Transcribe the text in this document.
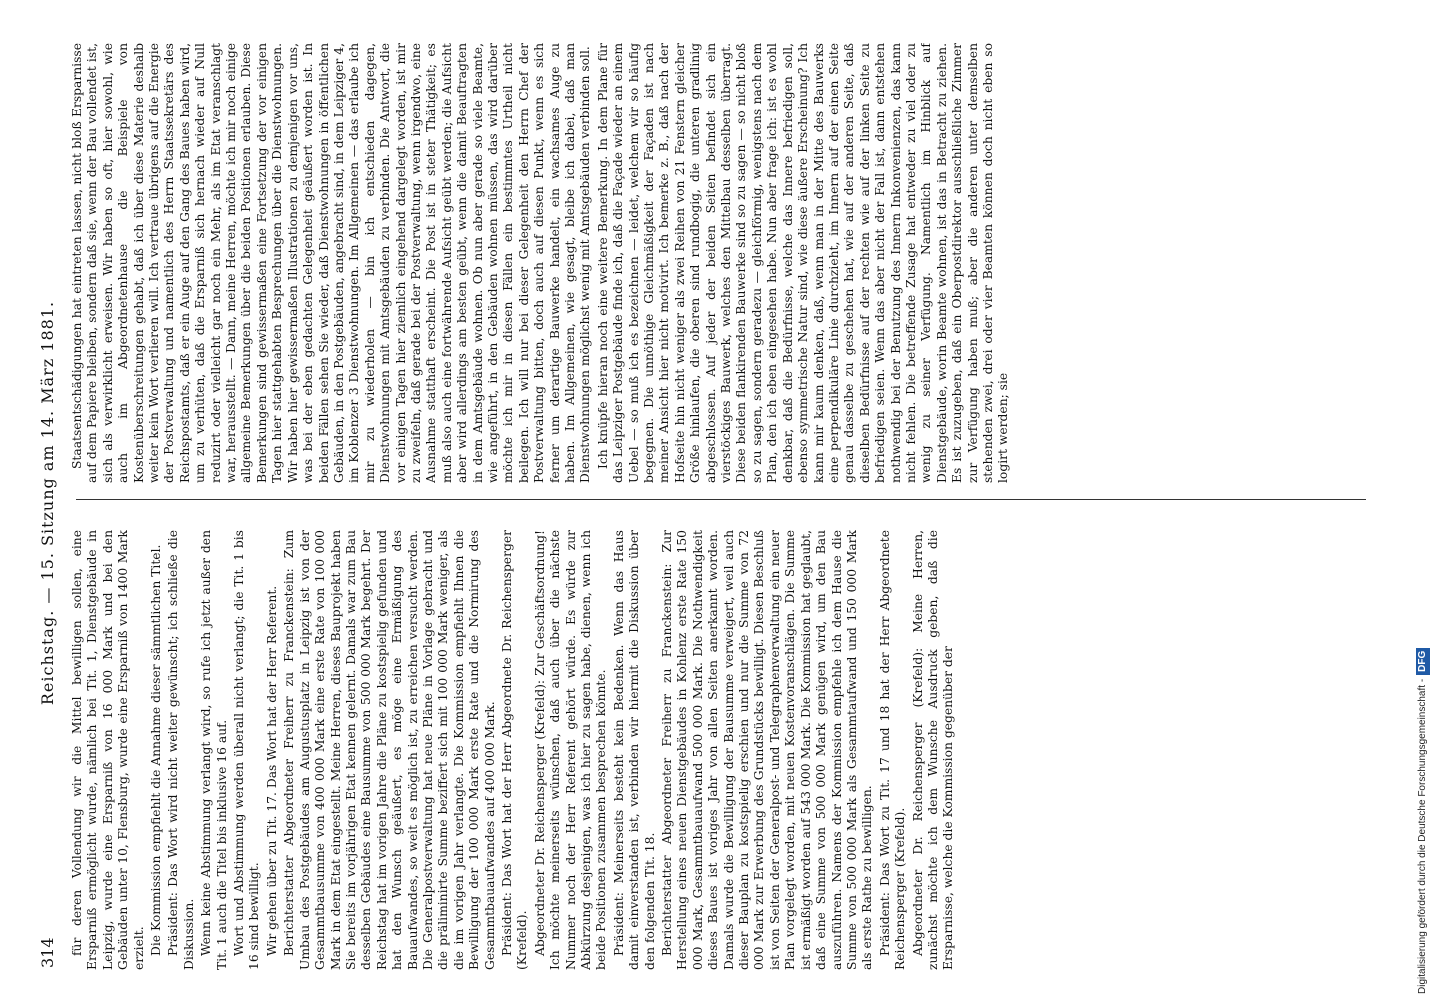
314
Reichstag. — 15. Sitzung am 14. März 1881.

für deren Vollendung wir die Mittel bewilligen sollen, eine Ersparniß ermöglicht wurde, nämlich bei Tit. 1, Dienstgebäude in Leipzig, wurde eine Ersparniß von 16 000 Mark und bei den Gebäuden unter 10, Flensburg, wurde eine Ersparniß von 1400 Mark erzielt. Die Kommission empfiehlt die Annahme dieser sämmtlichen Titel. Präsident: Das Wort wird nicht weiter gewünscht; ich schließe die Diskussion. Wenn keine Abstimmung verlangt wird, so rufe ich jetzt außer den Tit. 1 auch die Titel bis inklusive 16 auf. Wort und Abstimmung werden überall nicht verlangt; die Tit. 1 bis 16 sind bewilligt. Wir gehen über zu Tit. 17. Das Wort hat der Herr Referent. Berichterstatter Abgeordneter Freiherr zu Franckenstein: Zum Umbau des Postgebäudes am Augustusplatz in Leipzig ist von der Gesammtbausumme von 400 000 Mark eine erste Rate von 100 000 Mark in dem Etat eingestellt. Meine Herren, dieses Bauprojekt haben Sie bereits im vorjährigen Etat kennen gelernt. Damals war zum Bau desselben Gebäudes eine Bausumme von 500 000 Mark begehrt. Der Reichstag hat im vorigen Jahre die Pläne zu kostspielig gefunden und hat den Wunsch geäußert, es möge eine Ermäßigung des Bauaufwandes, so weit es möglich ist, zu erreichen versucht werden. Die Generalpostverwaltung hat neue Pläne in Vorlage gebracht und die präliminirte Summe beziffert sich mit 100 000 Mark weniger, als die im vorigen Jahr verlangte. Die Kommission empfiehlt Ihnen die Bewilligung der 100 000 Mark erste Rate und die Normirung des Gesammtbauaufwandes auf 400 000 Mark. Präsident: Das Wort hat der Herr Abgeordnete Dr. Reichensperger (Krefeld). Abgeordneter Dr. Reichensperger (Krefeld): Zur Geschäftsordnung! Ich möchte meinerseits wünschen, daß auch über die nächste Nummer noch der Herr Referent gehört würde. Es würde zur Abkürzung desjenigen, was ich hier zu sagen habe, dienen, wenn ich beide Positionen zusammen besprechen könnte. Präsident: Meinerseits besteht kein Bedenken. Wenn das Haus damit einverstanden ist, verbinden wir hiermit die Diskussion über den folgenden Tit. 18. Berichterstatter Abgeordneter Freiherr zu Franckenstein: Zur Herstellung eines neuen Dienstgebäudes in Kohlenz erste Rate 150 000 Mark, Gesammtbauaufwand 500 000 Mark. Die Nothwendigkeit dieses Baues ist voriges Jahr von allen Seiten anerkannt worden. Damals wurde die Bewilligung der Bausumme verweigert, weil auch dieser Bauplan zu kostspielig erschien und nur die Summe von 72 000 Mark zur Erwerbung des Grundstücks bewilligt. Diesen Beschluß ist von Seiten der Generalpost- und Telegraphenverwaltung ein neuer Plan vorgelegt worden, mit neuen Kostenvoranschlägen. Die Summe ist ermäßigt worden auf 543 000 Mark. Die Kommission hat geglaubt, daß eine Summe von 500 000 Mark genügen wird, um den Bau auszuführen. Namens der Kommission empfehle ich dem Hause die Summe von 500 000 Mark als Gesammtaufwand und 150 000 Mark als erste Rathe zu bewilligen. Präsident: Das Wort zu Tit. 17 und 18 hat der Herr Abgeordnete Reichensperger (Krefeld). Abgeordneter Dr. Reichensperger (Krefeld): Meine Herren, zunächst möchte ich dem Wunsche Ausdruck geben, daß die Ersparnisse, welche die Kommission gegenüber der

Staatsentschädigungen hat eintreten lassen, nicht bloß Ersparnisse auf dem Papiere bleiben, sondern daß sie, wenn der Bau vollendet ist, sich als verwirklicht erweisen. Wir haben so oft, hier sowohl, wie auch im Abgeordnetenhause die Beispiele von Kostenüberschreitungen gehabt, daß ich über diese Materie deshalb weiter kein Wort verlieren will. Ich vertraue übrigens auf die Energie der Postverwaltung und namentlich des Herrn Staatssekretärs des Reichspostamts, daß er ein Auge auf den Gang des Baues haben wird, um zu verhüten, daß die Ersparniß sich hernach wieder auf Null reduzirt oder vielleicht gar noch ein Mehr, als im Etat veranschlagt war, herausstellt. — Dann, meine Herren, möchte ich mir noch einige allgemeine Bemerkungen über die beiden Positionen erlauben. Diese Bemerkungen sind gewissermaßen eine Fortsetzung der vor einigen Tagen hier stattgehabten Besprechungen über die Dienstwohnungen. Wir haben hier gewissermaßen Illustrationen zu demjenigen vor uns, was bei der eben gedachten Gelegenheit geäußert worden ist. In beiden Fällen sehen Sie wieder, daß Dienstwohnungen in öffentlichen Gebäuden, in den Postgebäuden, angebracht sind, in dem Leipziger 4, im Koblenzer 3 Dienstwohnungen. Im Allgemeinen — das erlaube ich mir zu wiederholen — bin ich entschieden dagegen, Dienstwohnungen mit Amtsgebäuden zu verbinden. Die Antwort, die vor einigen Tagen hier ziemlich eingehend dargelegt worden, ist mir zu zweifeln, daß gerade bei der Postverwaltung, wenn irgendwo, eine Ausnahme statthaft erscheint. Die Post ist in steter Thätigkeit; es muß also auch eine fortwährende Aufsicht geübt werden; die Aufsicht aber wird allerdings am besten geübt, wenn die damit Beauftragten in dem Amtsgebäude wohnen. Ob nun aber gerade so viele Beamte, wie angeführt, in den Gebäuden wohnen müssen, das wird darüber möchte ich mir in diesen Fällen ein bestimmtes Urtheil nicht beilegen. Ich will nur bei dieser Gelegenheit den Herrn Chef der Postverwaltung bitten, doch auch auf diesen Punkt, wenn es sich ferner um derartige Bauwerke handelt, ein wachsames Auge zu haben. Im Allgemeinen, wie gesagt, bleibe ich dabei, daß man Dienstwohnungen möglichst wenig mit Amtsgebäuden verbinden soll. Ich knüpfe hieran noch eine weitere Bemerkung. In dem Plane für das Leipziger Postgebäude finde ich, daß die Façade wieder an einem Uebel — so muß ich es bezeichnen — leidet, welchem wir so häufig begegnen. Die unnöthige Gleichmäßigkeit der Façaden ist nach meiner Ansicht hier nicht motivirt. Ich bemerke z. B., daß nach der Hofseite hin nicht weniger als zwei Reihen von 21 Fenstern gleicher Größe hinlaufen, die oberen sind rundbogig, die unteren gradlinig abgeschlossen. Auf jeder der beiden Seiten befindet sich ein vierstöckiges Bauwerk, welches den Mittelbau desselben überragt. Diese beiden flankirenden Bauwerke sind so zu sagen — so nicht bloß so zu sagen, sondern geradezu — gleichförmig, wenigstens nach dem Plan, den ich eben eingesehen habe. Nun aber frage ich: ist es wohl denkbar, daß die Bedürfnisse, welche das Innere befriedigen soll, ebenso symmetrische Natur sind, wie diese äußere Erscheinung? Ich kann mir kaum denken, daß, wenn man in der Mitte des Bauwerks eine perpendikuläre Linie durchzieht, im Innern auf der einen Seite genau dasselbe zu geschehen hat, wie auf der anderen Seite, daß dieselben Bedürfnisse auf der rechten wie auf der linken Seite zu befriedigen seien. Wenn das aber nicht der Fall ist, dann entstehen nothwendig bei der Benutzung des Innern Inkonvenienzen, das kann nicht fehlen. Die betreffende Zusage hat entweder zu viel oder zu wenig zu seiner Verfügung. Namentlich im Hinblick auf Dienstgebäude, worin Beamte wohnen, ist das in Betracht zu ziehen. Es ist zuzugeben, daß ein Oberpostdirektor ausschließliche Zimmer zur Verfügung haben muß; aber die anderen unter demselben stehenden zwei, drei oder vier Beamten können doch nicht eben so logirt werden; sie

Digitalisierung gefördert durch die Deutsche Forschungsgemeinschaft -DFG
